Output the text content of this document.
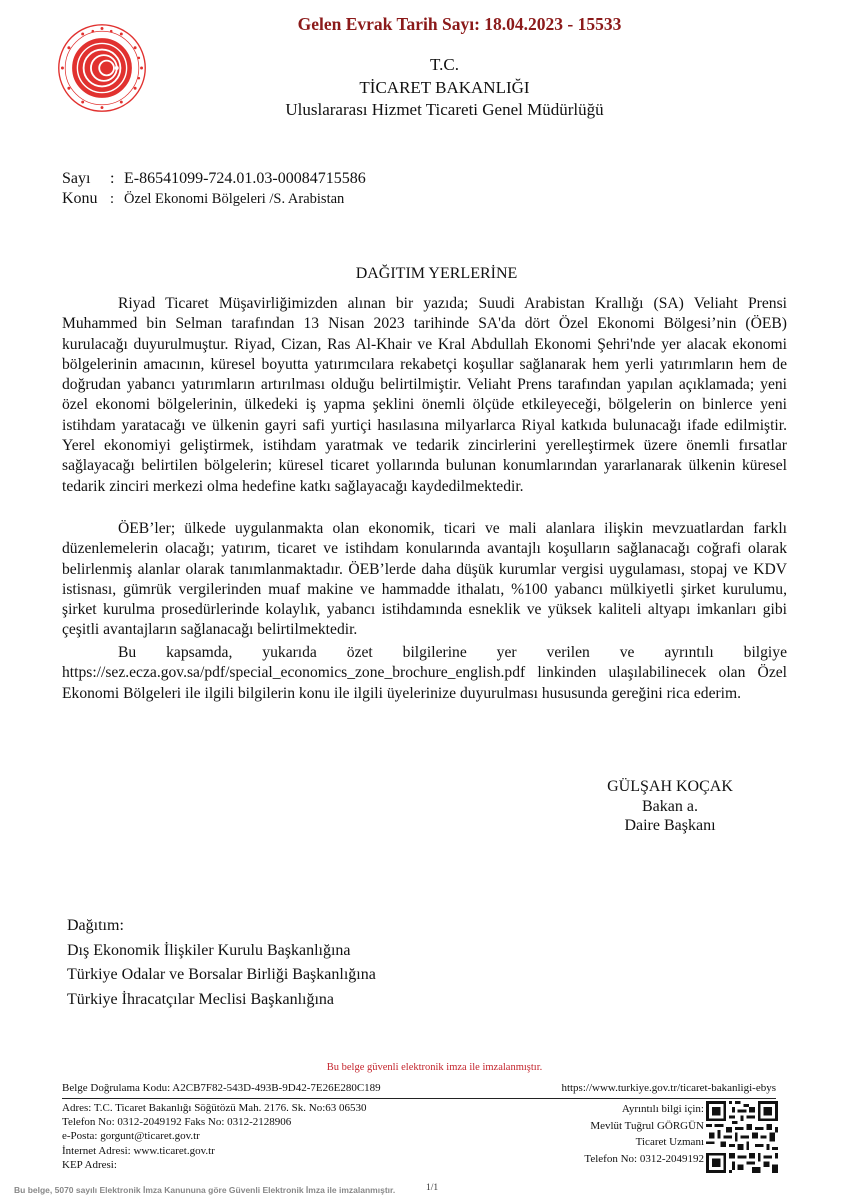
Gelen Evrak Tarih Sayı: 18.04.2023 - 15533
T.C.
TİCARET BAKANLIĞI
Uluslararası Hizmet Ticareti Genel Müdürlüğü
Sayı : E-86541099-724.01.03-00084715586
Konu : Özel Ekonomi Bölgeleri /S. Arabistan
DAĞITIM YERLERİNE

Riyad Ticaret Müşavirliğimizden alınan bir yazıda; Suudi Arabistan Krallığı (SA) Veliaht Prensi Muhammed bin Selman tarafından 13 Nisan 2023 tarihinde SA'da dört Özel Ekonomi Bölgesi’nin (ÖEB) kurulacağı duyurulmuştur. Riyad, Cizan, Ras Al-Khair ve Kral Abdullah Ekonomi Şehri'nde yer alacak ekonomi bölgelerinin amacının, küresel boyutta yatırımcılara rekabetçi koşullar sağlanarak hem yerli yatırımların hem de doğrudan yabancı yatırımların artırılması olduğu belirtilmiştir. Veliaht Prens tarafından yapılan açıklamada; yeni özel ekonomi bölgelerinin, ülkedeki iş yapma şeklini önemli ölçüde etkileyeceği, bölgelerin on binlerce yeni istihdam yaratacağı ve ülkenin gayri safi yurtiçi hasılasına milyarlarca Riyal katkıda bulunacağı ifade edilmiştir. Yerel ekonomiyi geliştirmek, istihdam yaratmak ve tedarik zincirlerini yerelleştirmek üzere önemli fırsatlar sağlayacağı belirtilen bölgelerin; küresel ticaret yollarında bulunan konumlarından yararlanarak ülkenin küresel tedarik zinciri merkezi olma hedefine katkı sağlayacağı kaydedilmektedir.

ÖEB’ler; ülkede uygulanmakta olan ekonomik, ticari ve mali alanlara ilişkin mevzuatlardan farklı düzenlemelerin olacağı; yatırım, ticaret ve istihdam konularında avantajlı koşulların sağlanacağı coğrafi olarak belirlenmiş alanlar olarak tanımlanmaktadır. ÖEB’lerde daha düşük kurumlar vergisi uygulaması, stopaj ve KDV istisnası, gümrük vergilerinden muaf makine ve hammadde ithalatı, %100 yabancı mülkiyetli şirket kurulumu, şirket kurulma prosedürlerinde kolaylık, yabancı istihdamında esneklik ve yüksek kaliteli altyapı imkanları gibi çeşitli avantajların sağlanacağı belirtilmektedir.

Bu kapsamda, yukarıda özet bilgilerine yer verilen ve ayrıntılı bilgiye https://sez.ecza.gov.sa/pdf/special_economics_zone_brochure_english.pdf linkinden ulaşılabilinecek olan Özel Ekonomi Bölgeleri ile ilgili bilgilerin konu ile ilgili üyelerinize duyurulması hususunda gereğini rica ederim.

GÜLŞAH KOÇAK
Bakan a.
Daire Başkanı
Dağıtım:
Dış Ekonomik İlişkiler Kurulu Başkanlığına
Türkiye Odalar ve Borsalar Birliği Başkanlığına
Türkiye İhracatçılar Meclisi Başkanlığına
Bu belge güvenli elektronik imza ile imzalanmıştır.
Belge Doğrulama Kodu: A2CB7F82-543D-493B-9D42-7E26E280C189	https://www.turkiye.gov.tr/ticaret-bakanligi-ebys
Adres: T.C. Ticaret Bakanlığı Söğütözü Mah. 2176. Sk. No:63 06530
Telefon No: 0312-2049192 Faks No: 0312-2128906
e-Posta: gorgunt@ticaret.gov.tr
İnternet Adresi: www.ticaret.gov.tr
KEP Adresi:
Ayrıntılı bilgi için:
Mevlüt Tuğrul GÖRGÜN
Ticaret Uzmanı
Telefon No: 0312-2049192
Bu belge, 5070 sayılı Elektronik İmza Kanununa göre Güvenli Elektronik İmza ile imzalanmıştır.	1/1
